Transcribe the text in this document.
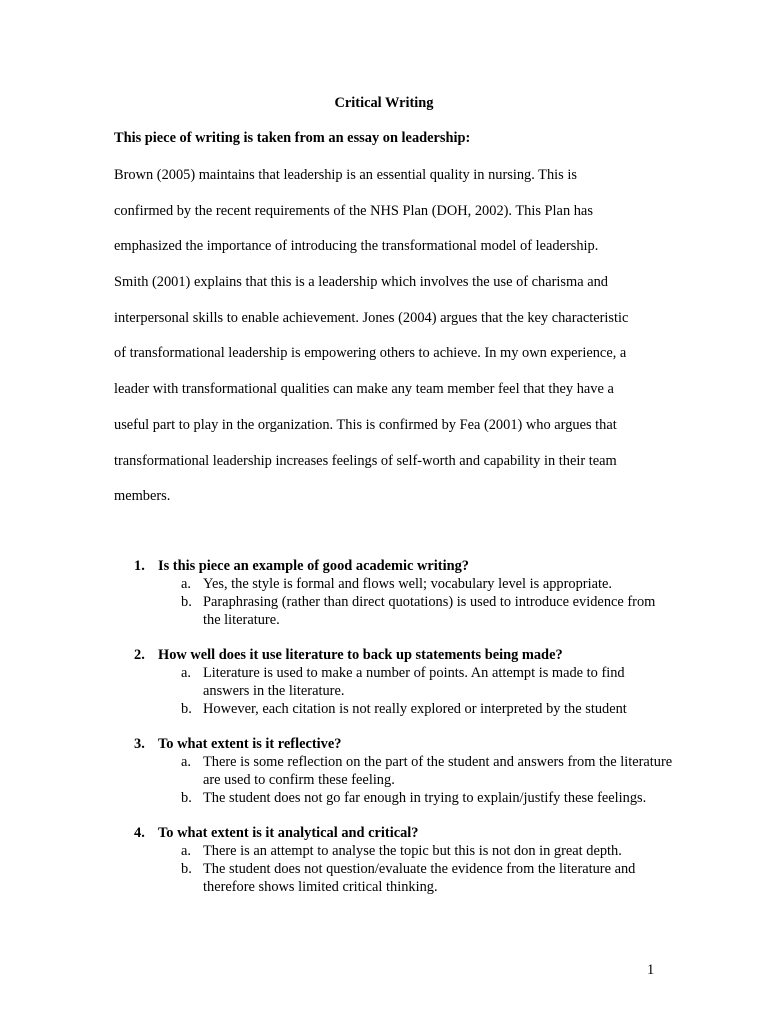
Critical Writing
This piece of writing is taken from an essay on leadership:
Brown (2005) maintains that leadership is an essential quality in nursing. This is
confirmed by the recent requirements of the NHS Plan (DOH, 2002). This Plan has
emphasized the importance of introducing the transformational model of leadership.
Smith (2001) explains that this is a leadership which involves the use of charisma and
interpersonal skills to enable achievement. Jones (2004) argues that the key characteristic
of transformational leadership is empowering others to achieve. In my own experience, a
leader with transformational qualities can make any team member feel that they have a
useful part to play in the organization. This is confirmed by Fea (2001) who argues that
transformational leadership increases feelings of self-worth and capability in their team
members.
1. Is this piece an example of good academic writing?
a. Yes, the style is formal and flows well; vocabulary level is appropriate.
b. Paraphrasing (rather than direct quotations) is used to introduce evidence from the literature.
2. How well does it use literature to back up statements being made?
a. Literature is used to make a number of points. An attempt is made to find answers in the literature.
b. However, each citation is not really explored or interpreted by the student
3. To what extent is it reflective?
a. There is some reflection on the part of the student and answers from the literature are used to confirm these feeling.
b. The student does not go far enough in trying to explain/justify these feelings.
4. To what extent is it analytical and critical?
a. There is an attempt to analyse the topic but this is not don in great depth.
b. The student does not question/evaluate the evidence from the literature and therefore shows limited critical thinking.
1
